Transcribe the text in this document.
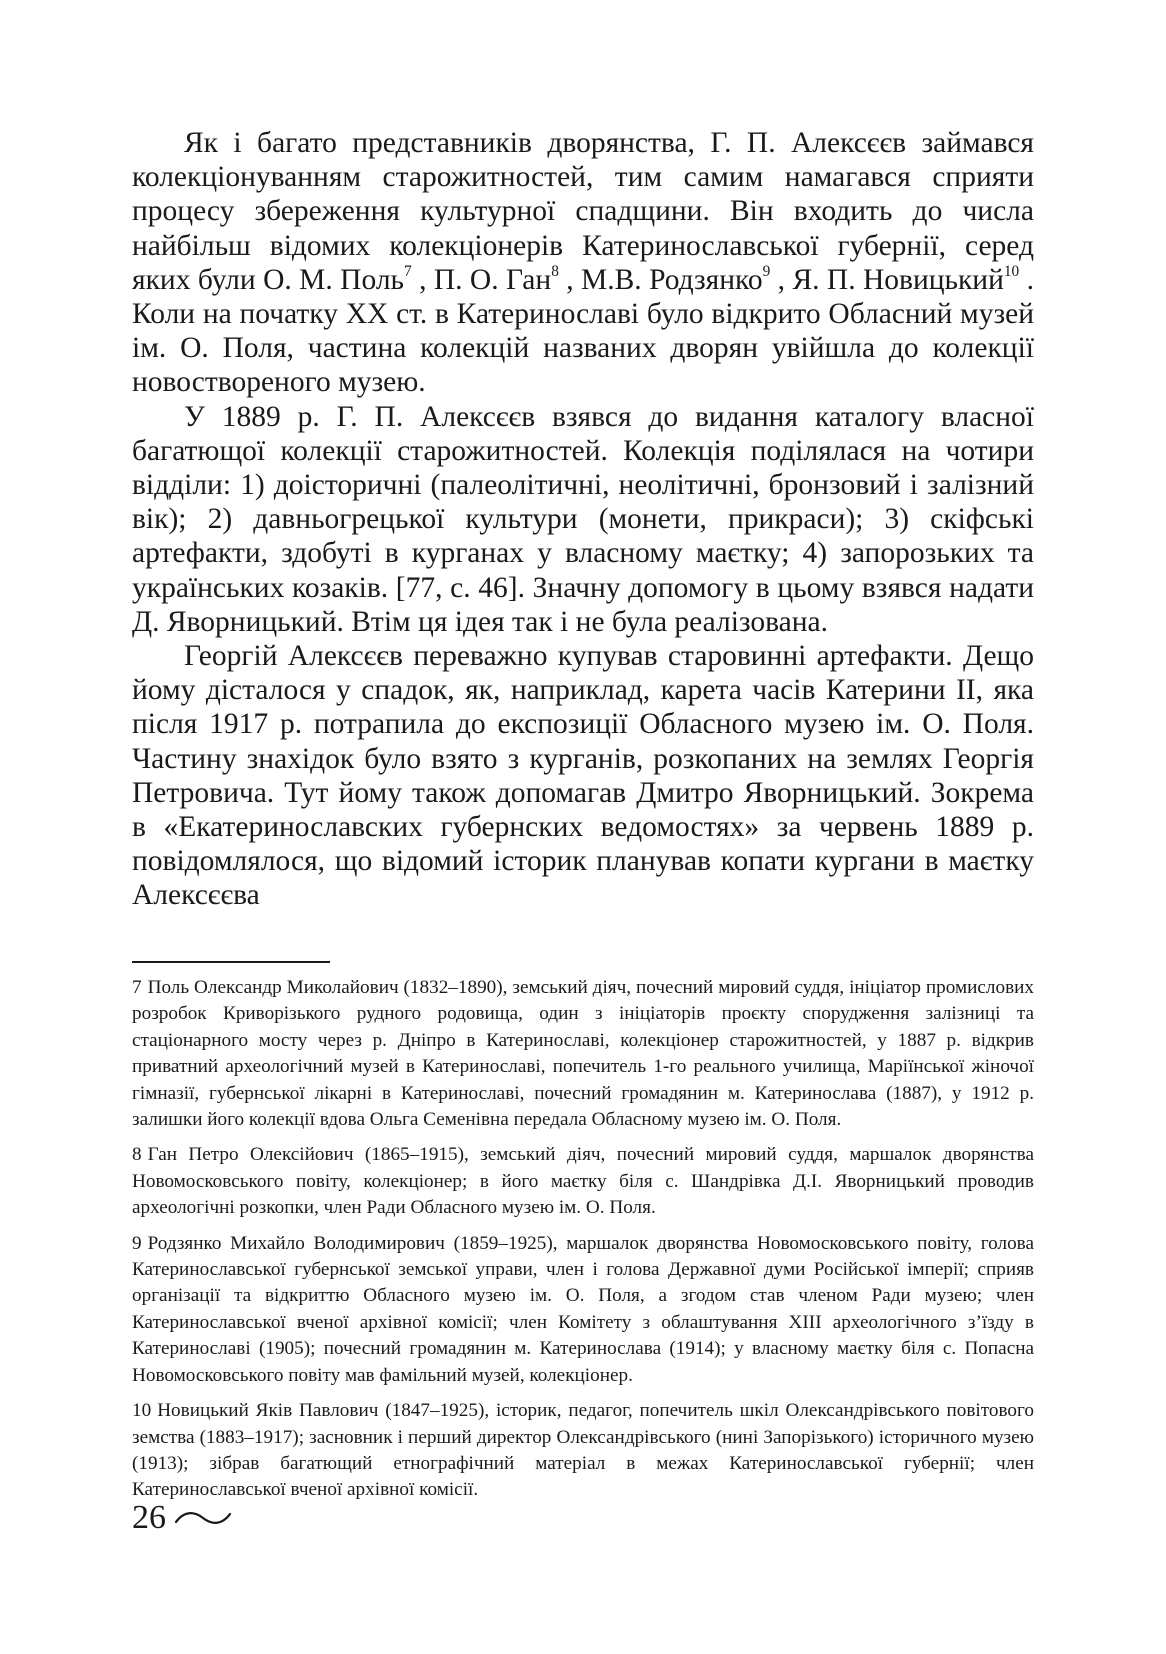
Як і багато представників дворянства, Г. П. Алексєєв займався колекціонуванням старожитностей, тим самим намагався сприяти процесу збереження культурної спадщини. Він входить до числа найбільш відомих колекціонерів Катеринославської губернії, серед яких були О. М. Поль$^7$ , П. О. Ган$^8$ , М.В. Родзянко$^9$ , Я. П. Новицький$^{10}$ . Коли на початку ХХ ст. в Катеринославі було відкрито Обласний музей ім. О. Поля, частина колекцій названих дворян увійшла до колекції новоствореного музею.

У 1889 р. Г. П. Алексєєв взявся до видання каталогу власної багатющої колекції старожитностей. Колекція поділялася на чотири відділи: 1) доісторичні (палеолітичні, неолітичні, бронзовий і залізний вік); 2) давньогрецької культури (монети, прикраси); 3) скіфські артефакти, здобуті в курганах у власному маєтку; 4) запорозьких та українських козаків. [77, с. 46]. Значну допомогу в цьому взявся надати Д. Яворницький. Втім ця ідея так і не була реалізована.

Георгій Алексєєв переважно купував старовинні артефакти. Дещо йому дісталося у спадок, як, наприклад, карета часів Катерини II, яка після 1917 р. потрапила до експозиції Обласного музею ім. О. Поля. Частину знахідок було взято з курганів, розкопаних на землях Георгія Петровича. Тут йому також допомагав Дмитро Яворницький. Зокрема в «Екатеринославских губернских ведомостях» за червень 1889 р. повідомлялося, що відомий історик планував копати кургани в маєтку Алексєєва

7 Поль Олександр Миколайович (1832–1890), земський діяч, почесний мировий суддя, ініціатор промислових розробок Криворізького рудного родовища, один з ініціаторів проєкту спорудження залізниці та стаціонарного мосту через р. Дніпро в Катеринославі, колекціонер старожитностей, у 1887 р. відкрив приватний археологічний музей в Катеринославі, попечитель 1-го реального училища, Маріїнської жіночої гімназії, губернської лікарні в Катеринославі, почесний громадянин м. Катеринослава (1887), у 1912 р. залишки його колекції вдова Ольга Семенівна передала Обласному музею ім. О. Поля.

8 Ган Петро Олексійович (1865–1915), земський діяч, почесний мировий суддя, маршалок дворянства Новомосковського повіту, колекціонер; в його маєтку біля с. Шандрівка Д.І. Яворницький проводив археологічні розкопки, член Ради Обласного музею ім. О. Поля.

9 Родзянко Михайло Володимирович (1859–1925), маршалок дворянства Новомосковського повіту, голова Катеринославської губернської земської управи, член і голова Державної думи Російської імперії; сприяв організації та відкриттю Обласного музею ім. О. Поля, а згодом став членом Ради музею; член Катеринославської вченої архівної комісії; член Комітету з облаштування XIII археологічного з’їзду в Катеринославі (1905); почесний громадянин м. Катеринослава (1914); у власному маєтку біля с. Попасна Новомосковського повіту мав фамільний музей, колекціонер.

10 Новицький Яків Павлович (1847–1925), історик, педагог, попечитель шкіл Олександрівського повітового земства (1883–1917); засновник і перший директор Олександрівського (нині Запорізького) історичного музею (1913); зібрав багатющий етнографічний матеріал в межах Катеринославської губернії; член Катеринославської вченої архівної комісії.

26
